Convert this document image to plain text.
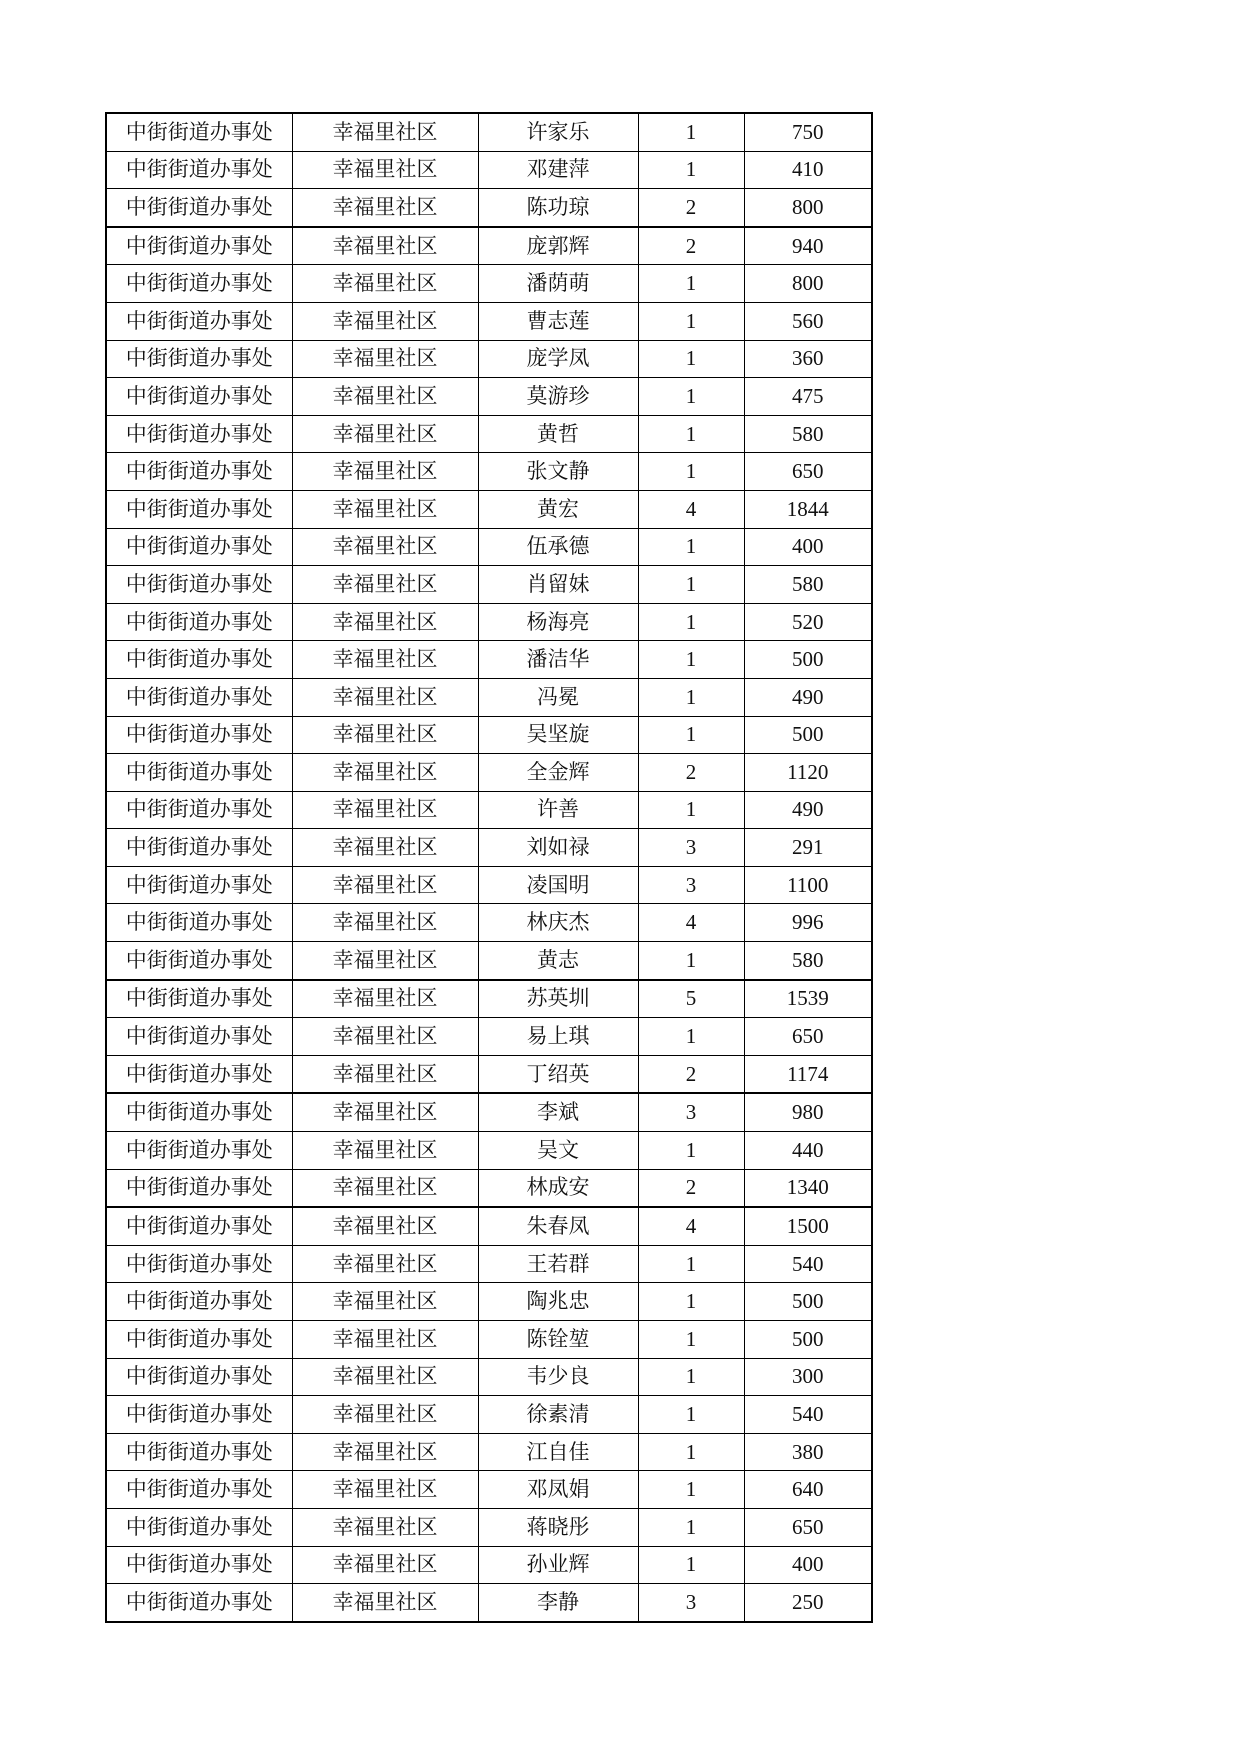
中街街道办事处	幸福里社区	许家乐	1	750
中街街道办事处	幸福里社区	邓建萍	1	410
中街街道办事处	幸福里社区	陈功琼	2	800
中街街道办事处	幸福里社区	庞郭辉	2	940
中街街道办事处	幸福里社区	潘荫萌	1	800
中街街道办事处	幸福里社区	曹志莲	1	560
中街街道办事处	幸福里社区	庞学凤	1	360
中街街道办事处	幸福里社区	莫游珍	1	475
中街街道办事处	幸福里社区	黄哲	1	580
中街街道办事处	幸福里社区	张文静	1	650
中街街道办事处	幸福里社区	黄宏	4	1844
中街街道办事处	幸福里社区	伍承德	1	400
中街街道办事处	幸福里社区	肖留妹	1	580
中街街道办事处	幸福里社区	杨海亮	1	520
中街街道办事处	幸福里社区	潘洁华	1	500
中街街道办事处	幸福里社区	冯冕	1	490
中街街道办事处	幸福里社区	吴坚旋	1	500
中街街道办事处	幸福里社区	全金辉	2	1120
中街街道办事处	幸福里社区	许善	1	490
中街街道办事处	幸福里社区	刘如禄	3	291
中街街道办事处	幸福里社区	凌国明	3	1100
中街街道办事处	幸福里社区	林庆杰	4	996
中街街道办事处	幸福里社区	黄志	1	580
中街街道办事处	幸福里社区	苏英圳	5	1539
中街街道办事处	幸福里社区	易上琪	1	650
中街街道办事处	幸福里社区	丁绍英	2	1174
中街街道办事处	幸福里社区	李斌	3	980
中街街道办事处	幸福里社区	吴文	1	440
中街街道办事处	幸福里社区	林成安	2	1340
中街街道办事处	幸福里社区	朱春凤	4	1500
中街街道办事处	幸福里社区	王若群	1	540
中街街道办事处	幸福里社区	陶兆忠	1	500
中街街道办事处	幸福里社区	陈铨堃	1	500
中街街道办事处	幸福里社区	韦少良	1	300
中街街道办事处	幸福里社区	徐素清	1	540
中街街道办事处	幸福里社区	江自佳	1	380
中街街道办事处	幸福里社区	邓凤娟	1	640
中街街道办事处	幸福里社区	蒋晓彤	1	650
中街街道办事处	幸福里社区	孙业辉	1	400
中街街道办事处	幸福里社区	李静	3	250
